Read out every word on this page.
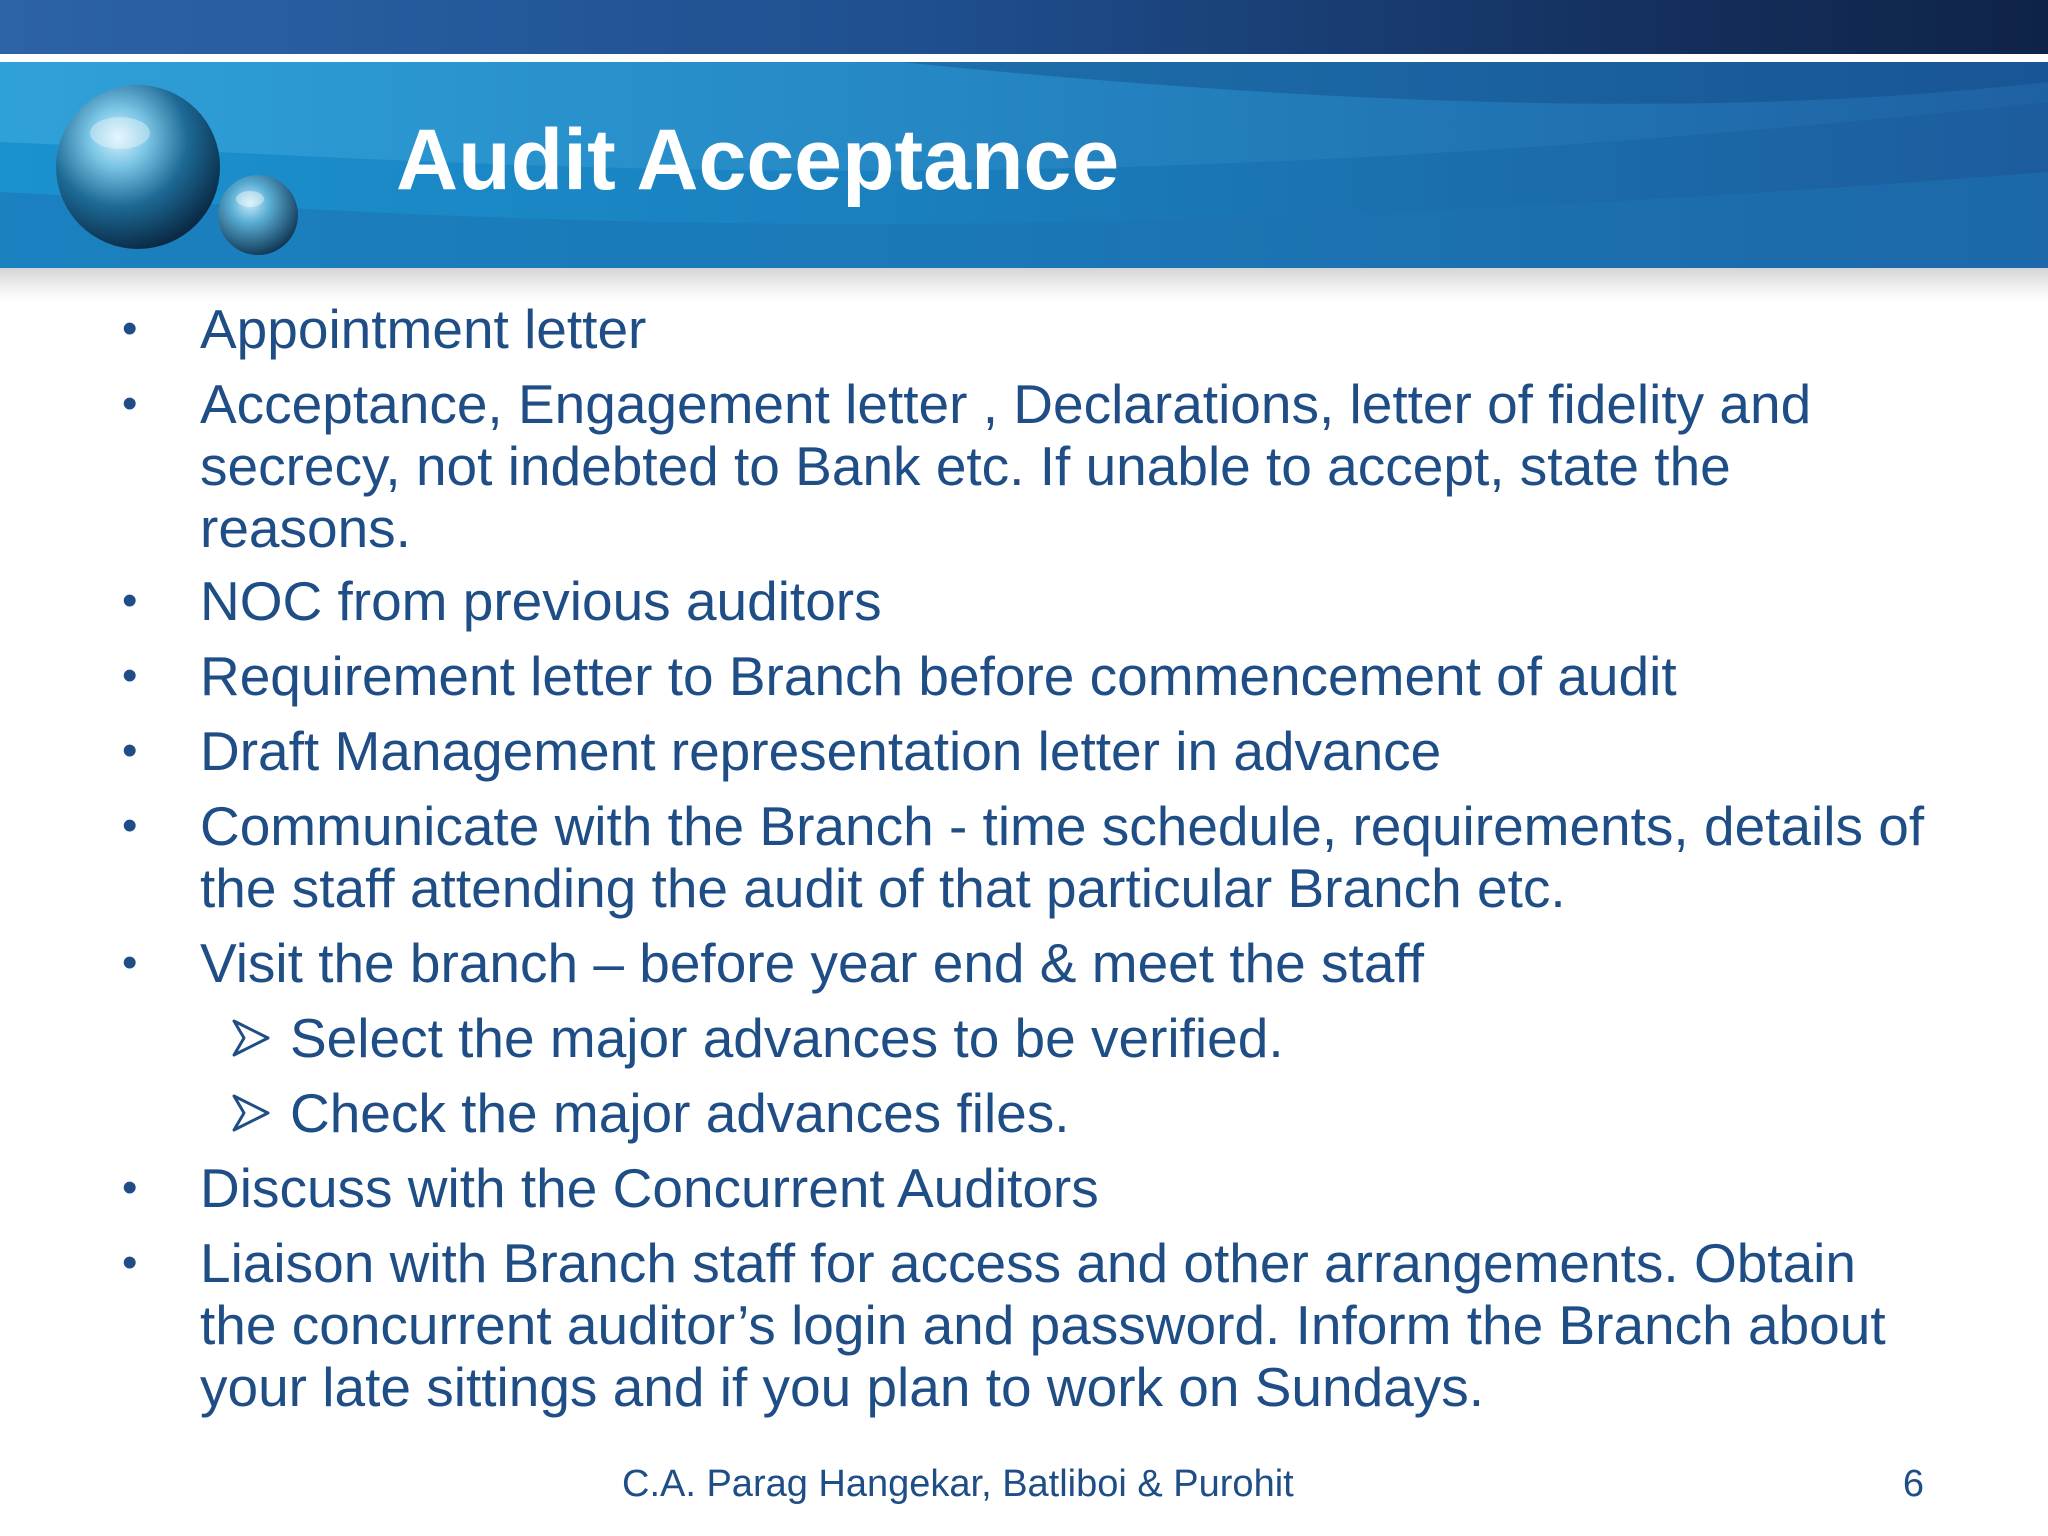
Audit Acceptance
• Appointment letter
• Acceptance, Engagement letter , Declarations, letter of fidelity and secrecy, not indebted to Bank etc. If unable to accept, state the reasons.
• NOC from previous auditors
• Requirement letter to Branch before commencement of audit
• Draft Management representation letter in advance
• Communicate with the Branch - time schedule, requirements, details of the staff attending the audit of that particular Branch etc.
• Visit the branch – before year end & meet the staff
Select the major advances to be verified.
Check the major advances files.
• Discuss with the Concurrent Auditors
• Liaison with Branch staff for access and other arrangements. Obtain the concurrent auditor’s login and password. Inform the Branch about your late sittings and if you plan to work on Sundays.
C.A. Parag Hangekar, Batliboi & Purohit	6
